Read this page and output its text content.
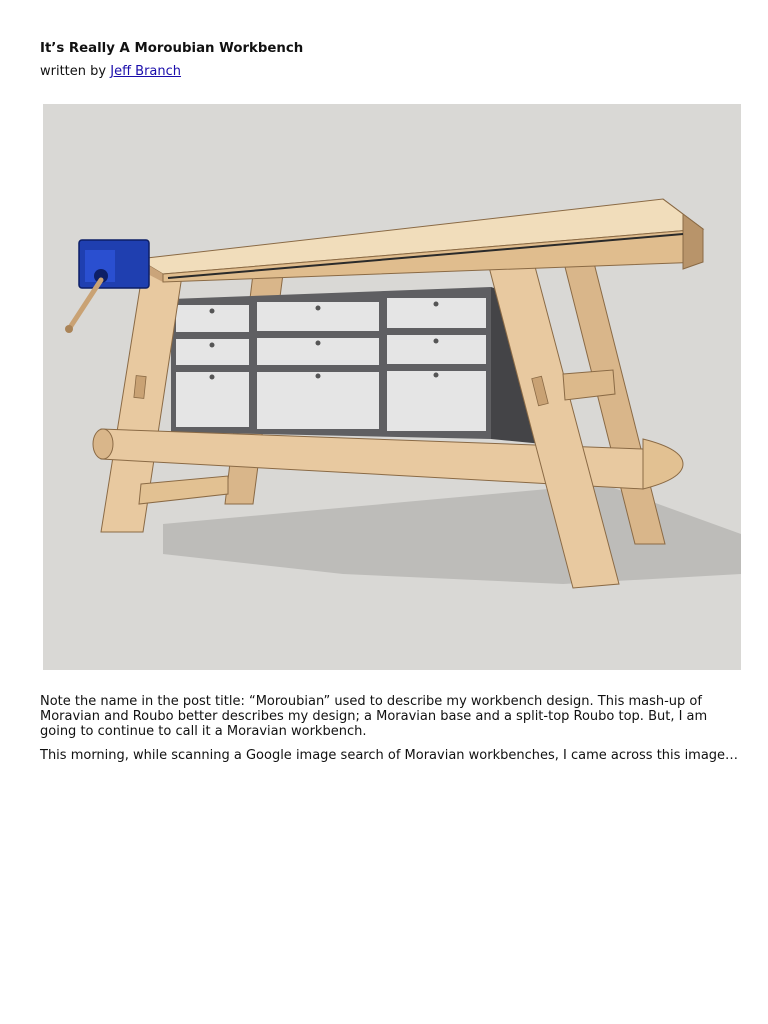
It’s Really A Moroubian Workbench
written by Jeff Branch

Note the name in the post title: “Moroubian” used to describe my workbench design. This mash-up of Moravian and Roubo better describes my design; a Moravian base and a split-top Roubo top. But, I am going to continue to call it a Moravian workbench.

This morning, while scanning a Google image search of Moravian workbenches, I came across this image…
